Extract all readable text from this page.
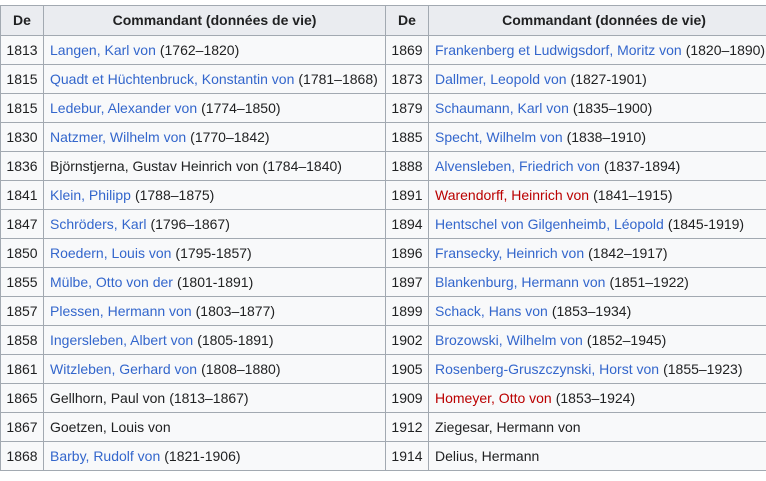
De	Commandant (données de vie)	De	Commandant (données de vie)
1813	Langen, Karl von (1762–1820)	1869	Frankenberg et Ludwigsdorf, Moritz von (1820–1890)
1815	Quadt et Hüchtenbruck, Konstantin von (1781–1868)	1873	Dallmer, Leopold von (1827-1901)
1815	Ledebur, Alexander von (1774–1850)	1879	Schaumann, Karl von (1835–1900)
1830	Natzmer, Wilhelm von (1770–1842)	1885	Specht, Wilhelm von (1838–1910)
1836	Björnstjerna, Gustav Heinrich von (1784–1840)	1888	Alvensleben, Friedrich von (1837-1894)
1841	Klein, Philipp (1788–1875)	1891	Warendorff, Heinrich von (1841–1915)
1847	Schröders, Karl (1796–1867)	1894	Hentschel von Gilgenheimb, Léopold (1845-1919)
1850	Roedern, Louis von (1795-1857)	1896	Fransecky, Heinrich von (1842–1917)
1855	Mülbe, Otto von der (1801-1891)	1897	Blankenburg, Hermann von (1851–1922)
1857	Plessen, Hermann von (1803–1877)	1899	Schack, Hans von (1853–1934)
1858	Ingersleben, Albert von (1805-1891)	1902	Brozowski, Wilhelm von (1852–1945)
1861	Witzleben, Gerhard von (1808–1880)	1905	Rosenberg-Gruszczynski, Horst von (1855–1923)
1865	Gellhorn, Paul von (1813–1867)	1909	Homeyer, Otto von (1853–1924)
1867	Goetzen, Louis von	1912	Ziegesar, Hermann von
1868	Barby, Rudolf von (1821-1906)	1914	Delius, Hermann
